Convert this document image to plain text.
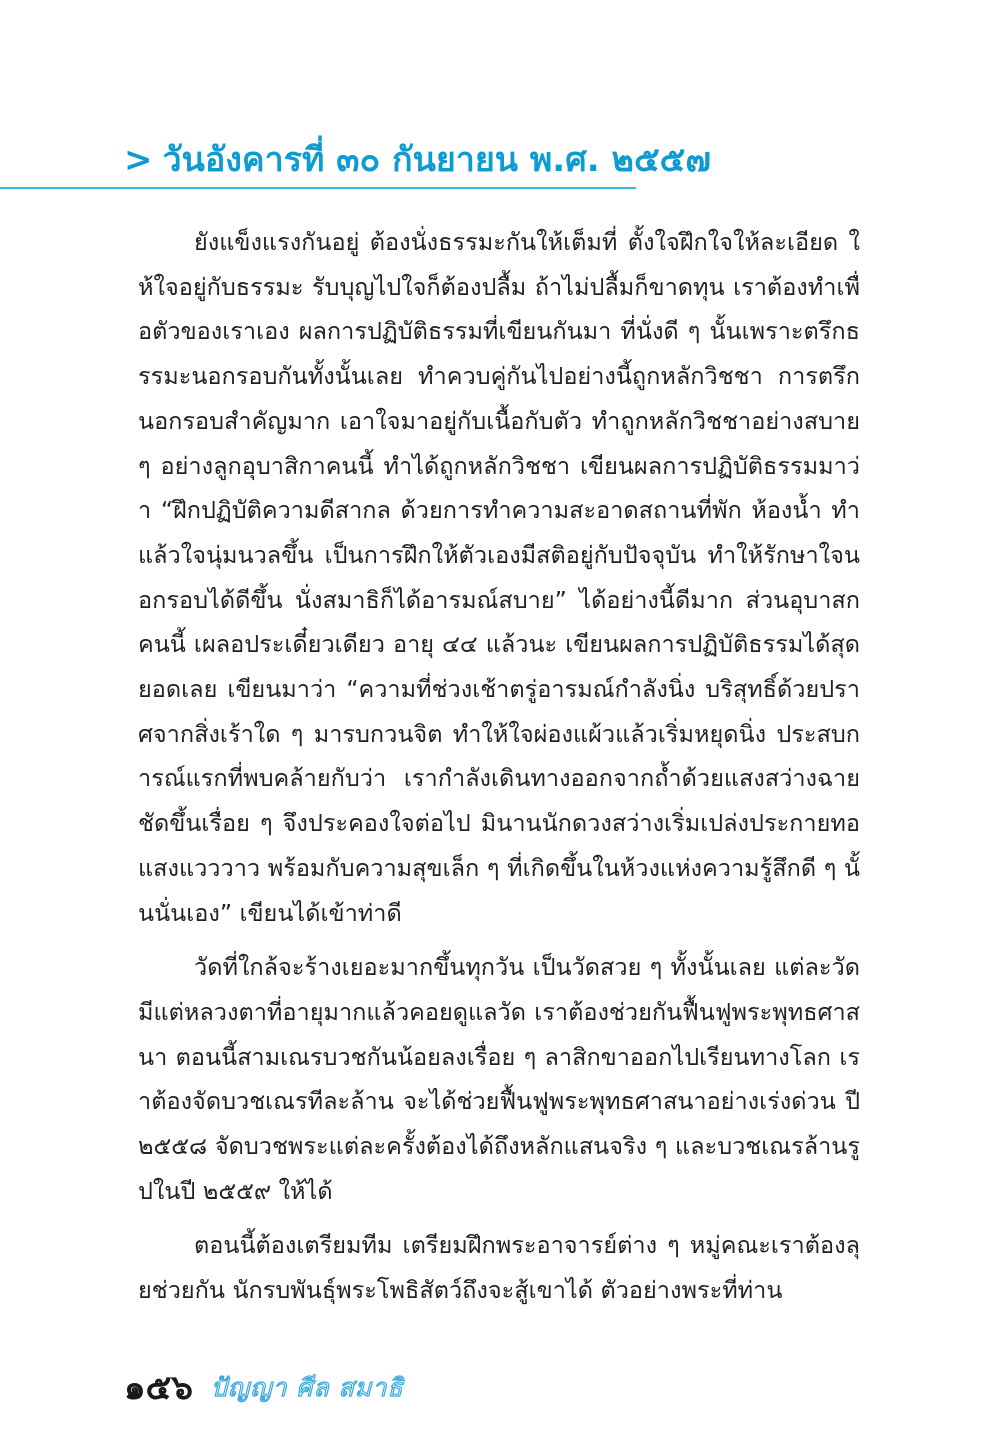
> วันอังคารที่ ๓๐ กันยายน พ.ศ. ๒๕๕๗

ยังแข็งแรงกันอยู่ ต้องนั่งธรรมะกันให้เต็มที่ ตั้งใจฝึกใจให้ละเอียด ให้ใจอยู่กับธรรมะ รับบุญไปใจก็ต้องปลื้ม ถ้าไม่ปลื้มก็ขาดทุน เราต้องทำเพื่อตัวของเราเอง ผลการปฏิบัติธรรมที่เขียนกันมา ที่นั่งดี ๆ นั้นเพราะตรึกธรรมะนอกรอบกันทั้งนั้นเลย ทำควบคู่กันไปอย่างนี้ถูกหลักวิชชา การตรึกนอกรอบสำคัญมาก เอาใจมาอยู่กับเนื้อกับตัว ทำถูกหลักวิชชาอย่างสบาย ๆ อย่างลูกอุบาสิกาคนนี้ ทำได้ถูกหลักวิชชา เขียนผลการปฏิบัติธรรมมาว่า “ฝึกปฏิบัติความดีสากล ด้วยการทำความสะอาดสถานที่พัก ห้องน้ำ ทำแล้วใจนุ่มนวลขึ้น เป็นการฝึกให้ตัวเองมีสติอยู่กับปัจจุบัน ทำให้รักษาใจนอกรอบได้ดีขึ้น นั่งสมาธิก็ได้อารมณ์สบาย” ได้อย่างนี้ดีมาก ส่วนอุบาสกคนนี้ เผลอประเดี๋ยวเดียว อายุ ๔๔ แล้วนะ เขียนผลการปฏิบัติธรรมได้สุดยอดเลย เขียนมาว่า “ความที่ช่วงเช้าตรู่อารมณ์กำลังนิ่ง บริสุทธิ์ด้วยปราศจากสิ่งเร้าใด ๆ มารบกวนจิต ทำให้ใจผ่องแผ้วแล้วเริ่มหยุดนิ่ง ประสบการณ์แรกที่พบคล้ายกับว่า เรากำลังเดินทางออกจากถ้ำด้วยแสงสว่างฉายชัดขึ้นเรื่อย ๆ จึงประคองใจต่อไป มินานนักดวงสว่างเริ่มเปล่งประกายทอแสงแวววาว พร้อมกับความสุขเล็ก ๆ ที่เกิดขึ้นในห้วงแห่งความรู้สึกดี ๆ นั้นนั่นเอง” เขียนได้เข้าท่าดี

วัดที่ใกล้จะร้างเยอะมากขึ้นทุกวัน เป็นวัดสวย ๆ ทั้งนั้นเลย แต่ละวัดมีแต่หลวงตาที่อายุมากแล้วคอยดูแลวัด เราต้องช่วยกันฟื้นฟูพระพุทธศาสนา ตอนนี้สามเณรบวชกันน้อยลงเรื่อย ๆ ลาสิกขาออกไปเรียนทางโลก เราต้องจัดบวชเณรทีละล้าน จะได้ช่วยฟื้นฟูพระพุทธศาสนาอย่างเร่งด่วน ปี ๒๕๕๘ จัดบวชพระแต่ละครั้งต้องได้ถึงหลักแสนจริง ๆ และบวชเณรล้านรูปในปี ๒๕๕๙ ให้ได้

ตอนนี้ต้องเตรียมทีม เตรียมฝึกพระอาจารย์ต่าง ๆ หมู่คณะเราต้องลุยช่วยกัน นักรบพันธุ์พระโพธิสัตว์ถึงจะสู้เขาได้ ตัวอย่างพระที่ท่าน

๑๕๖ ปัญญา ศีล สมาธิ
